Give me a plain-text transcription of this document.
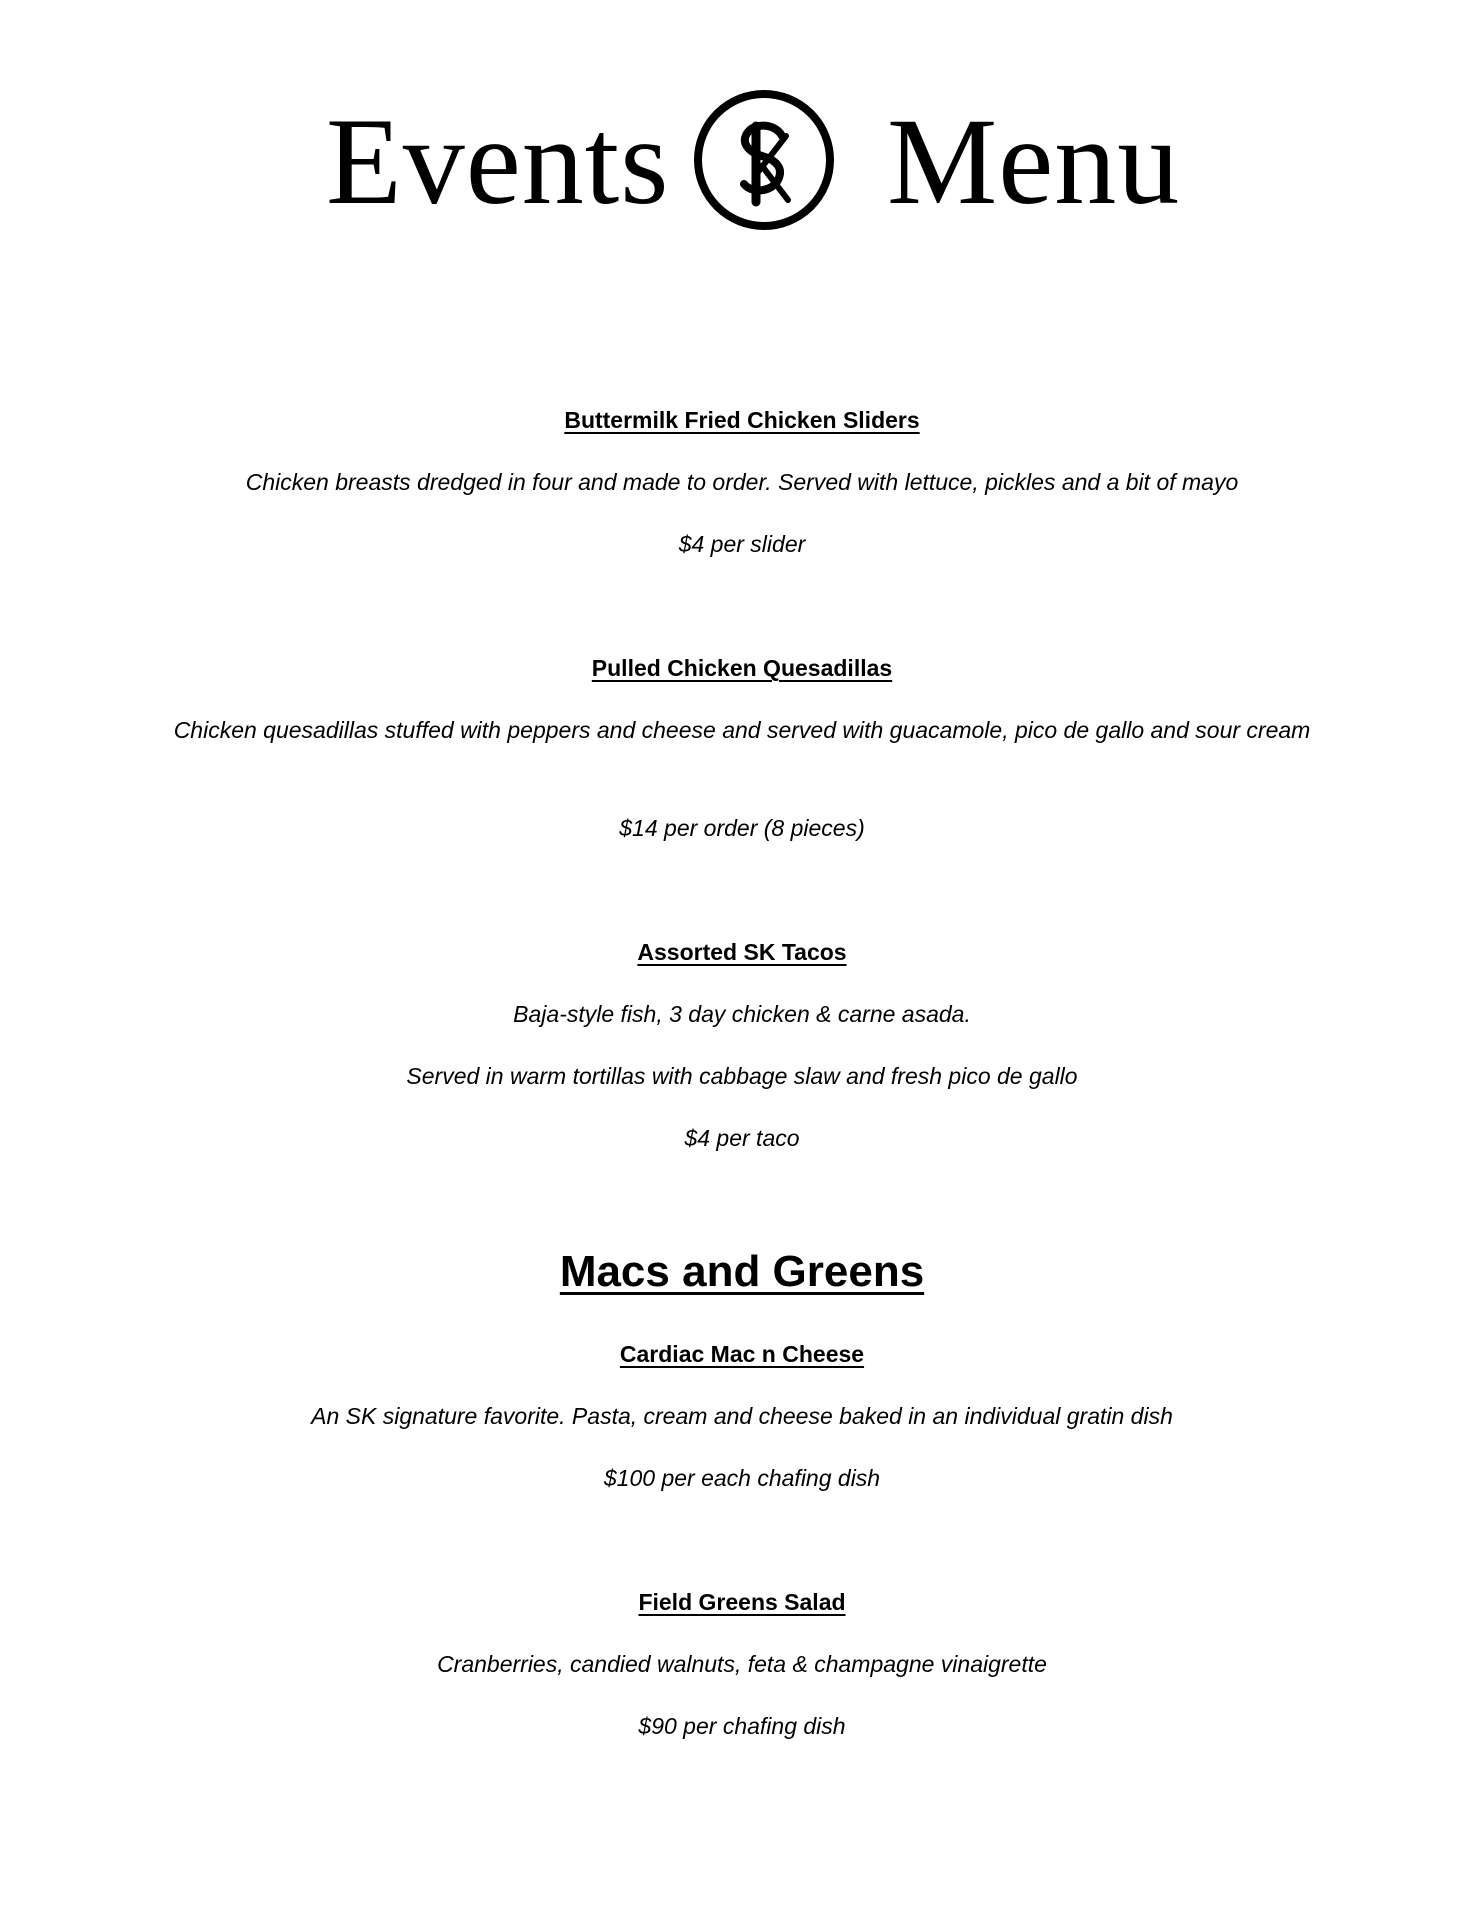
Events Menu
Buttermilk Fried Chicken Sliders
Chicken breasts dredged in four and made to order. Served with lettuce, pickles and a bit of mayo
$4 per slider
Pulled Chicken Quesadillas
Chicken quesadillas stuffed with peppers and cheese and served with guacamole, pico de gallo and sour cream
$14 per order (8 pieces)
Assorted SK Tacos
Baja-style fish, 3 day chicken & carne asada.
Served in warm tortillas with cabbage slaw and fresh pico de gallo
$4 per taco
Macs and Greens
Cardiac Mac n Cheese
An SK signature favorite. Pasta, cream and cheese baked in an individual gratin dish
$100 per each chafing dish
Field Greens Salad
Cranberries, candied walnuts, feta & champagne vinaigrette
$90 per chafing dish
